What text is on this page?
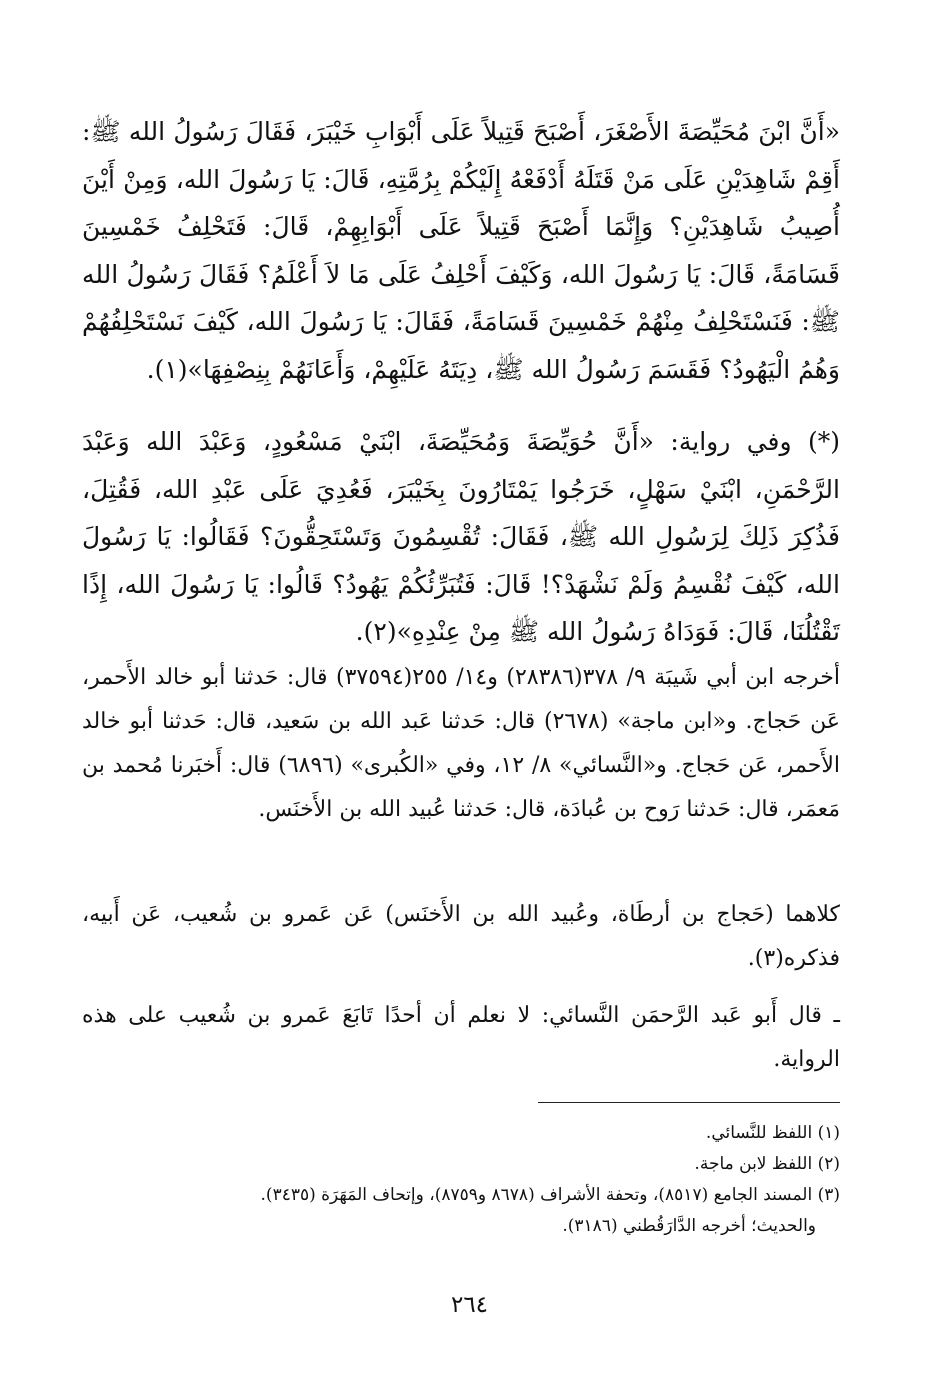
«أَنَّ ابْنَ مُحَيِّصَةَ الأَصْغَرَ، أَصْبَحَ قَتِيلاً عَلَى أَبْوَابِ خَيْبَرَ، فَقَالَ رَسُولُ الله ﷺ: أَقِمْ شَاهِدَيْنِ عَلَى مَنْ قَتَلَهُ أَدْفَعْهُ إِلَيْكُمْ بِرُمَّتِهِ، قَالَ: يَا رَسُولَ الله، وَمِنْ أَيْنَ أُصِيبُ شَاهِدَيْنِ؟ وَإِنَّمَا أَصْبَحَ قَتِيلاً عَلَى أَبْوَابِهِمْ، قَالَ: فَتَحْلِفُ خَمْسِينَ قَسَامَةً، قَالَ: يَا رَسُولَ الله، وَكَيْفَ أَحْلِفُ عَلَى مَا لاَ أَعْلَمُ؟ فَقَالَ رَسُولُ الله ﷺ: فَنَسْتَحْلِفُ مِنْهُمْ خَمْسِينَ قَسَامَةً، فَقَالَ: يَا رَسُولَ الله، كَيْفَ نَسْتَحْلِفُهُمْ وَهُمُ الْيَهُودُ؟ فَقَسَمَ رَسُولُ الله ﷺ، دِيَتَهُ عَلَيْهِمْ، وَأَعَانَهُمْ بِنِصْفِهَا»(١).

(*) وفي رواية: «أَنَّ حُوَيِّصَةَ وَمُحَيِّصَةَ، ابْنَيْ مَسْعُودٍ، وَعَبْدَ الله وَعَبْدَ الرَّحْمَنِ، ابْنَيْ سَهْلٍ، خَرَجُوا يَمْتَارُونَ بِخَيْبَرَ، فَعُدِيَ عَلَى عَبْدِ الله، فَقُتِلَ، فَذُكِرَ ذَلِكَ لِرَسُولِ الله ﷺ، فَقَالَ: تُقْسِمُونَ وَتَسْتَحِقُّونَ؟ فَقَالُوا: يَا رَسُولَ الله، كَيْفَ نُقْسِمُ وَلَمْ نَشْهَدْ؟! قَالَ: فَتُبَرِّئُكُمْ يَهُودُ؟ قَالُوا: يَا رَسُولَ الله، إِذًا تَقْتُلُنَا، قَالَ: فَوَدَاهُ رَسُولُ الله ﷺ مِنْ عِنْدِهِ»(٢).

أخرجه ابن أبي شَيبَة ٩/ ٣٧٨(٢٨٣٨٦) و١٤/ ٢٥٥(٣٧٥٩٤) قال: حَدثنا أبو خالد الأَحمر، عَن حَجاج. و«ابن ماجة» (٢٦٧٨) قال: حَدثنا عَبد الله بن سَعيد، قال: حَدثنا أبو خالد الأَحمر، عَن حَجاج. و«النَّسائي» ٨/ ١٢، وفي «الكُبرى» (٦٨٩٦) قال: أَخبَرنا مُحمد بن مَعمَر، قال: حَدثنا رَوح بن عُبادَة، قال: حَدثنا عُبيد الله بن الأَخنَس.

كلاهما (حَجاج بن أرطَاة، وعُبيد الله بن الأَخنَس) عَن عَمرو بن شُعيب، عَن أَبيه، فذكره(٣).

ـ قال أَبو عَبد الرَّحمَن النَّسائي: لا نعلم أن أحدًا تَابَعَ عَمرو بن شُعيب على هذه الرواية.

(١) اللفظ للنَّسائي.
(٢) اللفظ لابن ماجة.
(٣) المسند الجامع (٨٥١٧)، وتحفة الأشراف (٨٦٧٨ و٨٧٥٩)، وإتحاف المَهَرَة (٣٤٣٥).
والحديث؛ أخرجه الدَّارَقُطني (٣١٨٦).
٢٦٤
